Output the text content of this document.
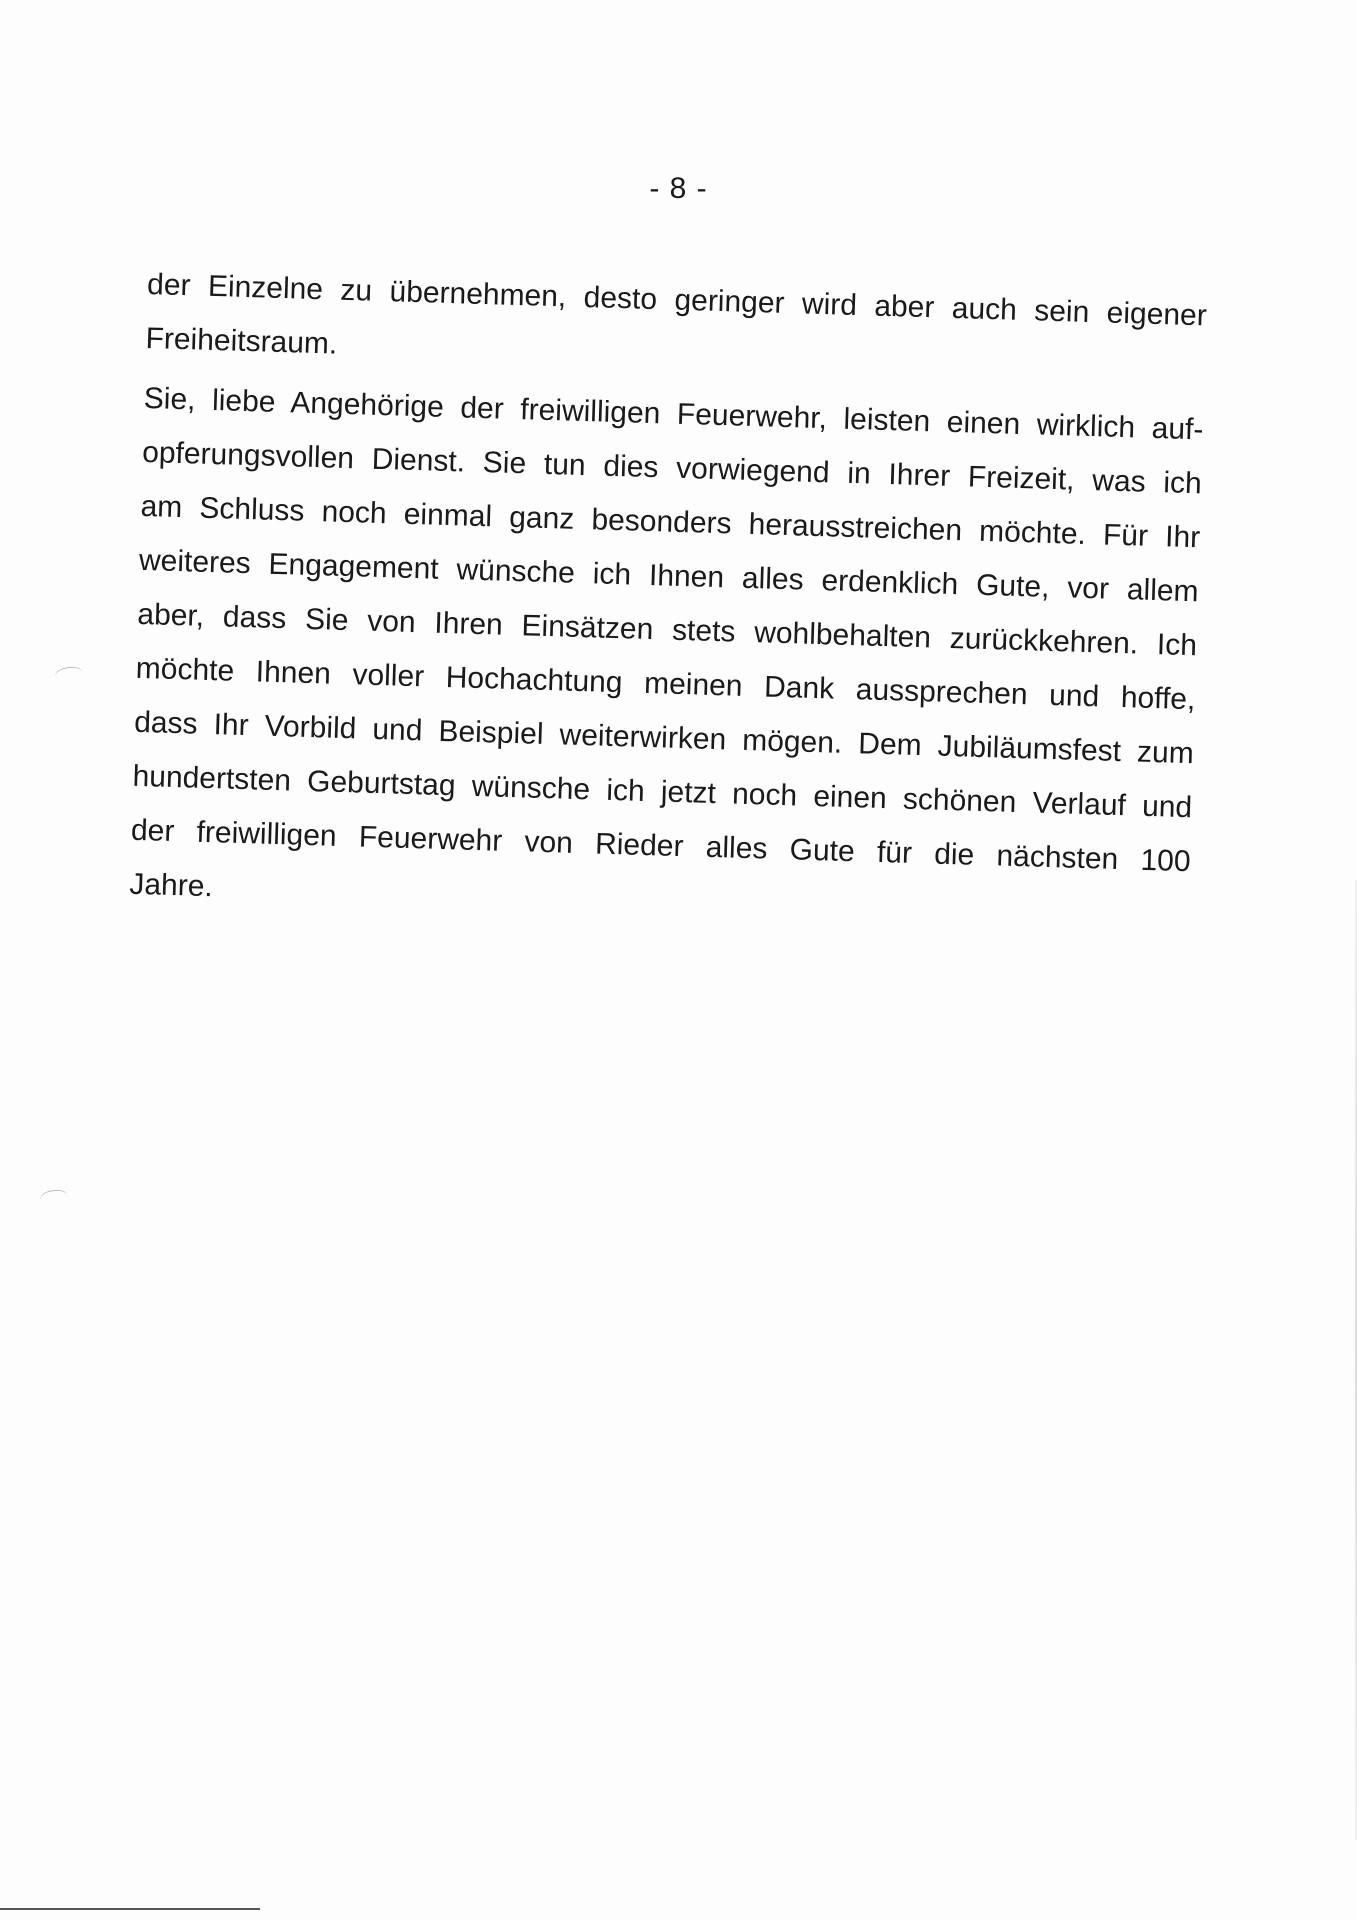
- 8 -

der Einzelne zu übernehmen, desto geringer wird aber auch sein eigener
Freiheitsraum.

Sie, liebe Angehörige der freiwilligen Feuerwehr, leisten einen wirklich auf-
opferungsvollen Dienst. Sie tun dies vorwiegend in Ihrer Freizeit, was ich
am Schluss noch einmal ganz besonders herausstreichen möchte. Für Ihr
weiteres Engagement wünsche ich Ihnen alles erdenklich Gute, vor allem
aber, dass Sie von Ihren Einsätzen stets wohlbehalten zurückkehren. Ich
möchte Ihnen voller Hochachtung meinen Dank aussprechen und hoffe,
dass Ihr Vorbild und Beispiel weiterwirken mögen. Dem Jubiläumsfest zum
hundertsten Geburtstag wünsche ich jetzt noch einen schönen Verlauf und
der freiwilligen Feuerwehr von Rieder alles Gute für die nächsten 100
Jahre.
